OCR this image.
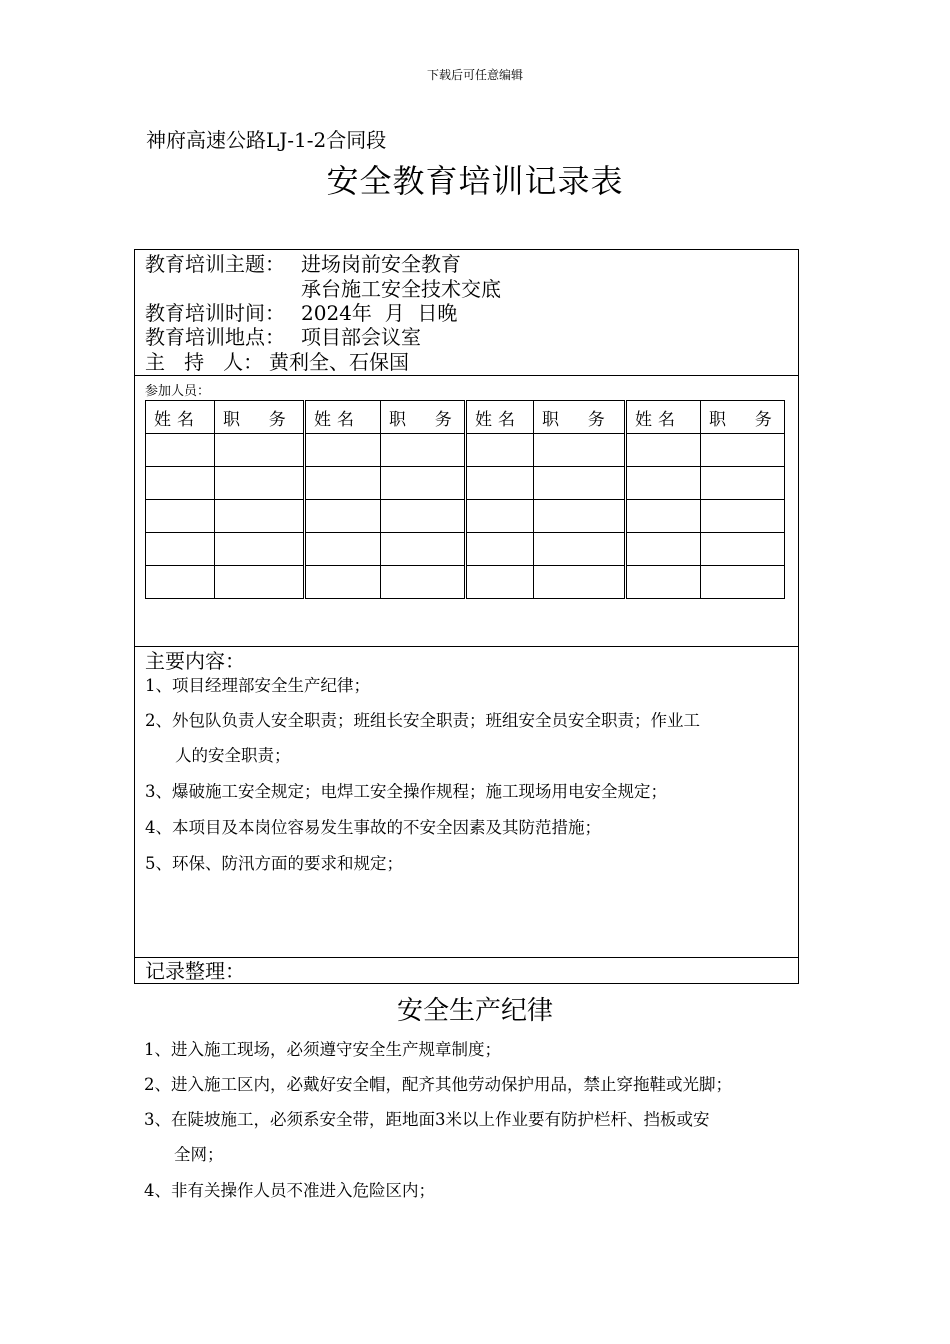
下载后可任意编辑
神府高速公路LJ-1-2合同段
安全教育培训记录表
教育培训主题： 进场岗前安全教育
承台施工安全技术交底
教育培训时间： 2024年  月  日晚
教育培训地点： 项目部会议室
主   持   人： 黄利全、石保国
参加人员：
姓名	职  务	姓名	职  务	姓名	职  务	姓名	职  务

主要内容：
1、项目经理部安全生产纪律；
2、外包队负责人安全职责；班组长安全职责；班组安全员安全职责；作业工
人的安全职责；
3、爆破施工安全规定；电焊工安全操作规程；施工现场用电安全规定；
4、本项目及本岗位容易发生事故的不安全因素及其防范措施；
5、环保、防汛方面的要求和规定；
记录整理：
安全生产纪律
1、进入施工现场，必须遵守安全生产规章制度；
2、进入施工区内，必戴好安全帽，配齐其他劳动保护用品，禁止穿拖鞋或光脚；
3、在陡坡施工，必须系安全带，距地面3米以上作业要有防护栏杆、挡板或安
全网；
4、非有关操作人员不准进入危险区内；
